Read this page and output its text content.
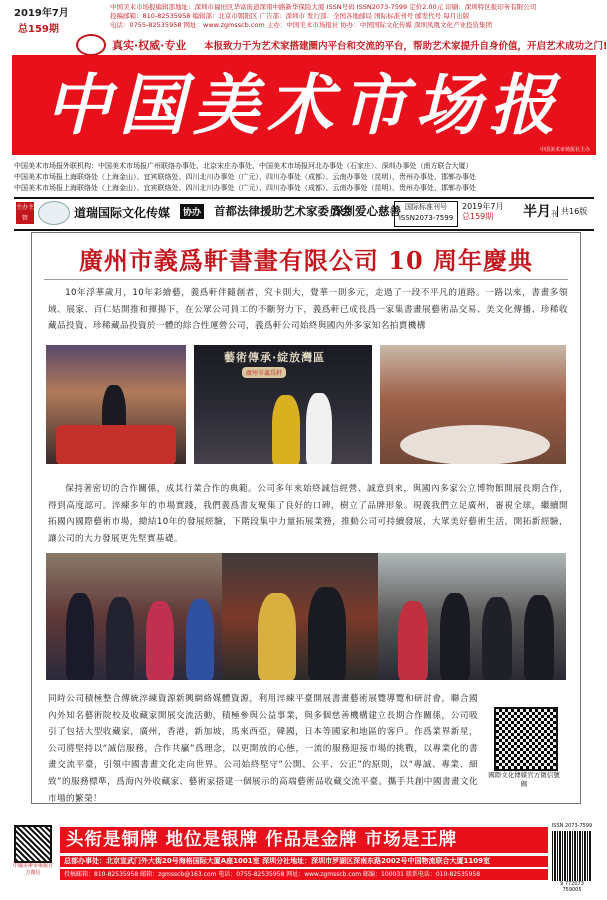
2019年7月
总159期
中国美术市场报编辑部地址：深圳市福田区华富街道深南中路新华保险大厦 ISSN号码 ISSN2073-7599 定价2.00元 印刷：深圳特区报印务有限公司
投稿邮箱：810-82535958 编辑部：北京市朝阳区 广告部：深圳市 发行部：全国各地邮局 国际标准刊号 邮发代号 每月出版
电话：0755-82535958 网址：www.zgmsscb.com 主办：中国美术市场报社 协办：中国国际文化传媒 深圳凤凰文化产业投资集团
真实·权威·专业 本报致力于为艺术家搭建圈内平台和交流的平台，帮助艺术家提升自身价值，开启艺术成功之门!
中国美术市场报
中国美术市场报社主办
中国美术市场报外联机构：中国美术市场报广州联络办事处、北京宋庄办事处、中国美术市场报河北办事处（石家庄）、深圳办事处（南方联合大厦）
中国美术市场报上海联络处（上海金山）、宜宾联络处、四川北川办事处（广元）、四川办事处（成都）、云南办事处（昆明）、贵州办事处、邯郸办事处
中国美术市场报上海联络处（上海金山）、宜宾联络处、四川北川办事处（广元）、四川办事处（成都）、云南办事处（昆明）、贵州办事处、邯郸办事处
主办主管	道瑞国际文化传媒	协办 首都法律援助艺术家委员会
深圳爱心慈善 国际标准刊号
ISSN2073-7599
2019年7月
总159期	半月刊 共16版
廣州市義爲軒書畫有限公司 10 周年慶典
10年浮華歲月，10年彩繪藝，義爲軒伴隨創者，究卡則大，覺華一則多元，走過了一段不平凡的道路。一路以來，書畫多領域、展家、百仁姑開推和揮揚下，在公眾公司員工的不斷努力下，義爲軒已成長爲一家集書畫展藝術品交易、美文化傳播、珍稀收藏品投資、珍稀藏品投資於一體的綜合性運營公司，義爲軒公司始終與國內外多家知名拍賣機構
藝術傳承·綻放灣區
廣州市義爲軒
保持著密切的合作關係，成其行業合作的典範。公司多年來始終誠信經營、誠意到來，與國內多家公立博物館開展長期合作，得到高度認可。淬練多年的市場實踐，我們義爲書友聚集了良好的口碑，樹立了品牌形象。現義我們立足廣州，審視全球，繼續開拓國內國際藝術市場，總結10年的發展經驗，下階段集中力量拓展業務，推動公司可持續發展，大眾美好藝術生活，開拓新經驗，讓公司的大力發展更先堅實基礎。
同時公司積極整合傳統淬練資源新興網絡媒體資源，利用淬練平臺開展書畫藝術展覽導覽和研討會，聯合國內外知名藝術院校及收藏家開展交流活動，積極參與公益事業，與多個慈善機構建立長期合作關係，公司吸引了包括大型收藏家，廣州，香港，新加坡，馬來西亞，韓國，日本等國家和地區的客戶。作爲業界新星，公司將堅持以“誠信服務，合作共贏”爲理念，以更開放的心態，一流的服務迎接市場的挑戰，以專業化的書畫交流平臺，引領中國書畫文化走向世界。公司始終堅守“公開、公平、公正”的原則，以“專誠、專業、細致”的服務標準，爲海內外收藏家、藝術家搭建一個展示的高端藝術品收藏交流平臺。攜手共創中國書畫文化市場的繁榮！
國際文化傳媒官方微信號碼
中國美術市場報官方微信
头衔是铜牌 地位是银牌 作品是金牌 市场是王牌
总部办事处：北京宣武门外大街20号海格国际大厦A座1001室 深圳分社地址：深圳市罗湖区深南东路2002号中国物流联合大厦1109室
投稿邮箱：810-82535958 邮箱：zgmsscb@163.com 电话：0755-82535958 网址：www.zgmsscb.com 邮编：100031 联系电话：010-82535958
ISSN 2073-7599
9 772073 759005
